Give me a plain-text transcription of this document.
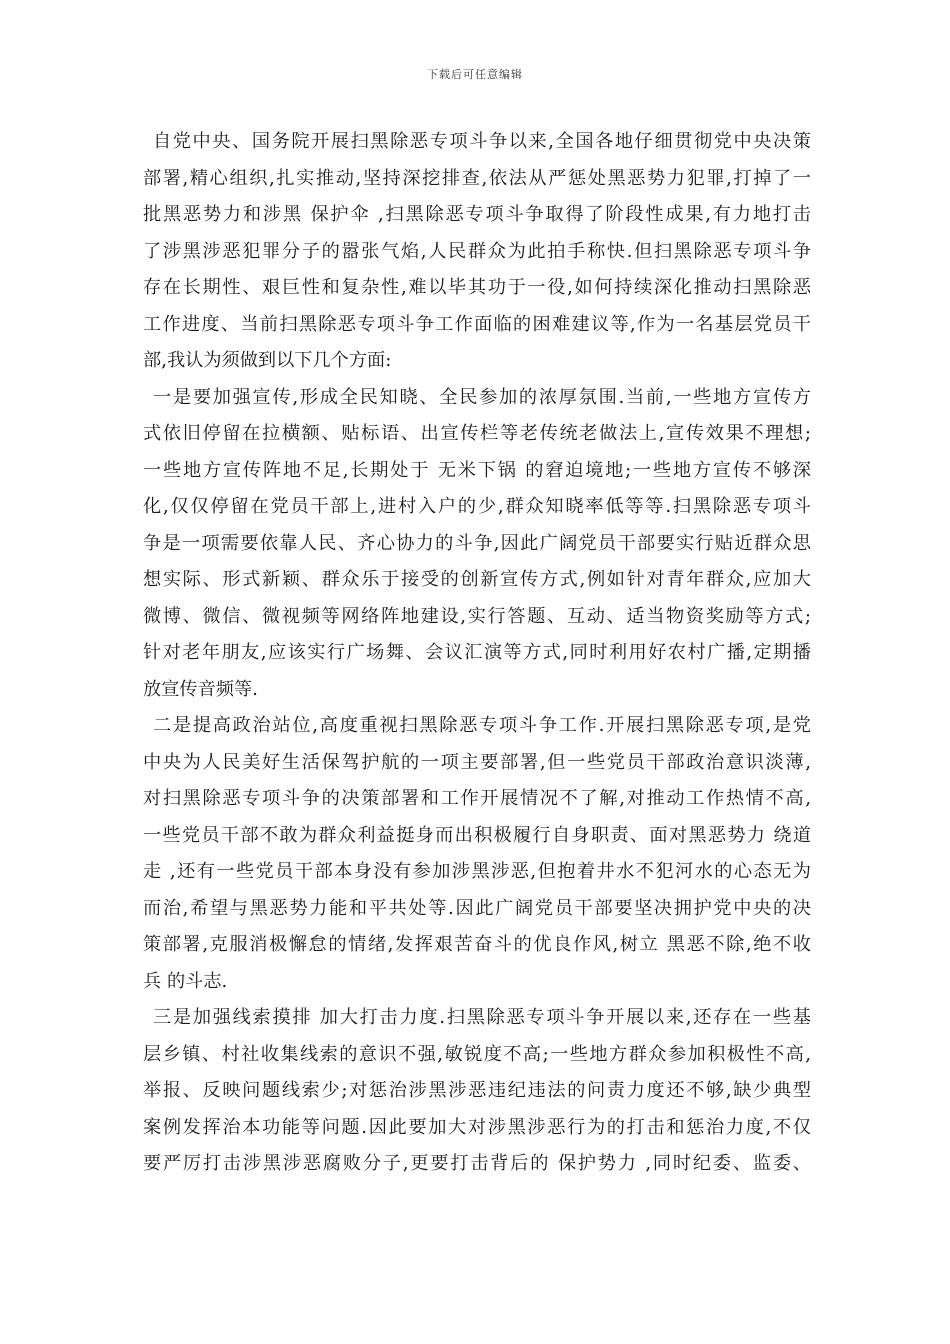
下载后可任意编辑
自党中央、国务院开展扫黑除恶专项斗争以来,全国各地仔细贯彻党中央决策
部署,精心组织,扎实推动,坚持深挖排查,依法从严惩处黑恶势力犯罪,打掉了一
批黑恶势力和涉黑 保护伞 ,扫黑除恶专项斗争取得了阶段性成果,有力地打击
了涉黑涉恶犯罪分子的嚣张气焰,人民群众为此拍手称快.但扫黑除恶专项斗争
存在长期性、艰巨性和复杂性,难以毕其功于一役,如何持续深化推动扫黑除恶
工作进度、当前扫黑除恶专项斗争工作面临的困难建议等,作为一名基层党员干
部,我认为须做到以下几个方面:
一是要加强宣传,形成全民知晓、全民参加的浓厚氛围.当前,一些地方宣传方
式依旧停留在拉横额、贴标语、出宣传栏等老传统老做法上,宣传效果不理想;
一些地方宣传阵地不足,长期处于 无米下锅 的窘迫境地;一些地方宣传不够深
化,仅仅停留在党员干部上,进村入户的少,群众知晓率低等等.扫黑除恶专项斗
争是一项需要依靠人民、齐心协力的斗争,因此广阔党员干部要实行贴近群众思
想实际、形式新颖、群众乐于接受的创新宣传方式,例如针对青年群众,应加大
微博、微信、微视频等网络阵地建设,实行答题、互动、适当物资奖励等方式;
针对老年朋友,应该实行广场舞、会议汇演等方式,同时利用好农村广播,定期播
放宣传音频等.
二是提高政治站位,高度重视扫黑除恶专项斗争工作.开展扫黑除恶专项,是党
中央为人民美好生活保驾护航的一项主要部署,但一些党员干部政治意识淡薄,
对扫黑除恶专项斗争的决策部署和工作开展情况不了解,对推动工作热情不高,
一些党员干部不敢为群众利益挺身而出积极履行自身职责、面对黑恶势力 绕道
走 ,还有一些党员干部本身没有参加涉黑涉恶,但抱着井水不犯河水的心态无为
而治,希望与黑恶势力能和平共处等.因此广阔党员干部要坚决拥护党中央的决
策部署,克服消极懈怠的情绪,发挥艰苦奋斗的优良作风,树立 黑恶不除,绝不收
兵 的斗志.
三是加强线索摸排 加大打击力度.扫黑除恶专项斗争开展以来,还存在一些基
层乡镇、村社收集线索的意识不强,敏锐度不高;一些地方群众参加积极性不高,
举报、反映问题线索少;对惩治涉黑涉恶违纪违法的问责力度还不够,缺少典型
案例发挥治本功能等问题.因此要加大对涉黑涉恶行为的打击和惩治力度,不仅
要严厉打击涉黑涉恶腐败分子,更要打击背后的 保护势力 ,同时纪委、监委、
